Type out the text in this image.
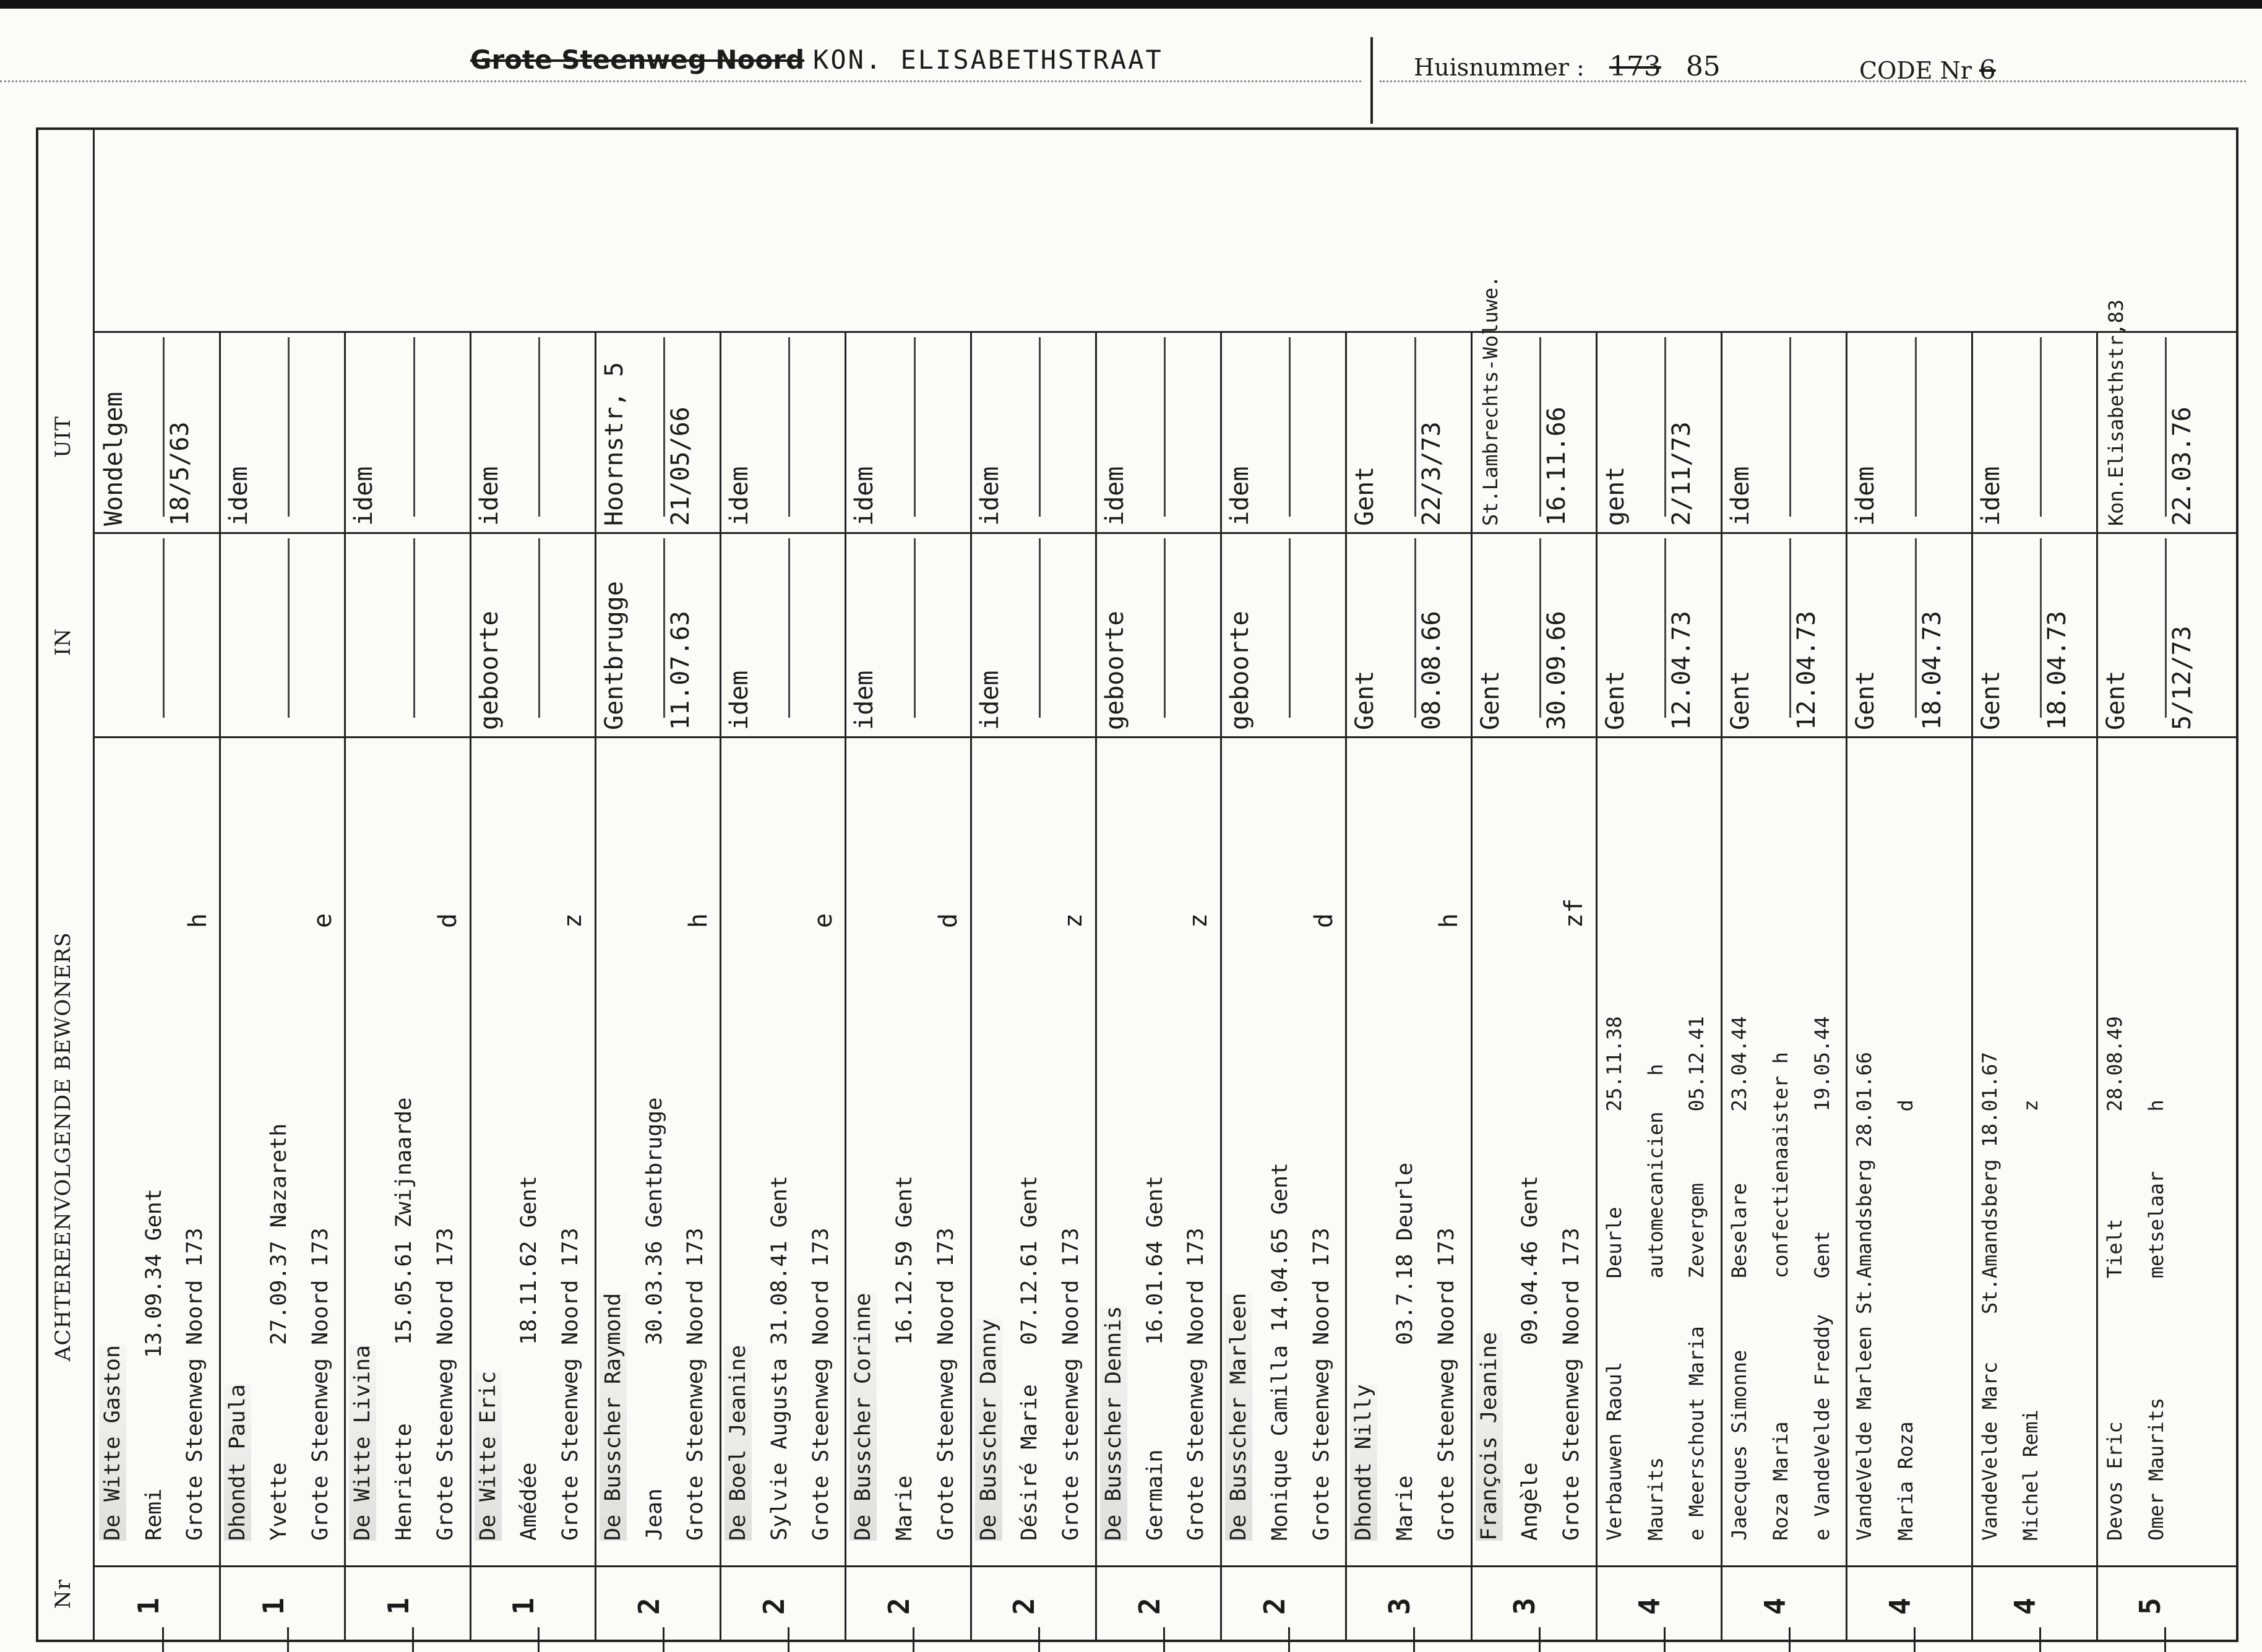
Grote Steenweg Noord KON. ELISABETHSTRAAT	Huisnummer : 173 85	CODE Nr 6
Nr
ACHTEREENVOLGENDE BEWONERS
IN
UIT
1
De Witte Gaston Remi          13.09.34 Gent Grote Steenweg Noord 173
h
Wondelgem 18/5/63
1
Dhondt Paula Yvette         27.09.37 Nazareth Grote Steenweg Noord 173
e
idem
1
De Witte Livina Henriette      15.05.61 Zwijnaarde Grote Steenweg Noord 173
d
idem
1
De Witte Eric Amédée         18.11.62 Gent Grote Steenweg Noord 173
z
geboorte
idem
2
De Busscher Raymond Jean           30.03.36 Gentbrugge Grote Steenweg Noord 173
h
Gentbrugge 11.07.63
Hoornstr, 5 21/05/66
2
De Boel Jeanine Sylvie Augusta 31.08.41 Gent Grote Steenweg Noord 173
e
idem
idem
2
De Busscher Corinne Marie          16.12.59 Gent Grote Steenweg Noord 173
d
idem
idem
2
De Busscher Danny Désiré Marie   07.12.61 Gent Grote steenweg Noord 173
z
idem
idem
2
De Busscher Dennis Germain        16.01.64 Gent Grote Steenweg Noord 173
z
geboorte
idem
2
De Busscher Marleen Monique Camilla 14.04.65 Gent Grote Steenweg Noord 173
d
geboorte
idem
3
Dhondt Nilly Marie          03.7.18 Deurle Grote Steenweg Noord 173
h
Gent 08.08.66
Gent 22/3/73
3
François Jeanine Angèle         09.04.46 Gent Grote Steenweg Noord 173
zf
Gent 30.09.66
St.Lambrechts-Woluwe. 16.11.66
4
Verbauwen Raoul       Deurle        25.11.38 Maurits               automecanicien   h e Meerschout Maria    Zevergem      05.12.41
Gent 12.04.73
gent 2/11/73
4
Jaecques Simonne      Beselare      23.04.44 Roza Maria            confectienaaister h e VandeVelde Freddy   Gent          19.05.44
Gent 12.04.73
idem
4
VandeVelde Marleen St.Amandsberg 28.01.66 Maria Roza                          d
Gent 18.04.73
idem
4
VandeVelde Marc    St.Amandsberg 18.01.67 Michel Remi                         z
Gent 18.04.73
idem
5
Devos Eric            Tielt         28.08.49 Omer Maurits          metselaar     h
Gent 5/12/73
Kon.Elisabethstr,83 22.03.76
